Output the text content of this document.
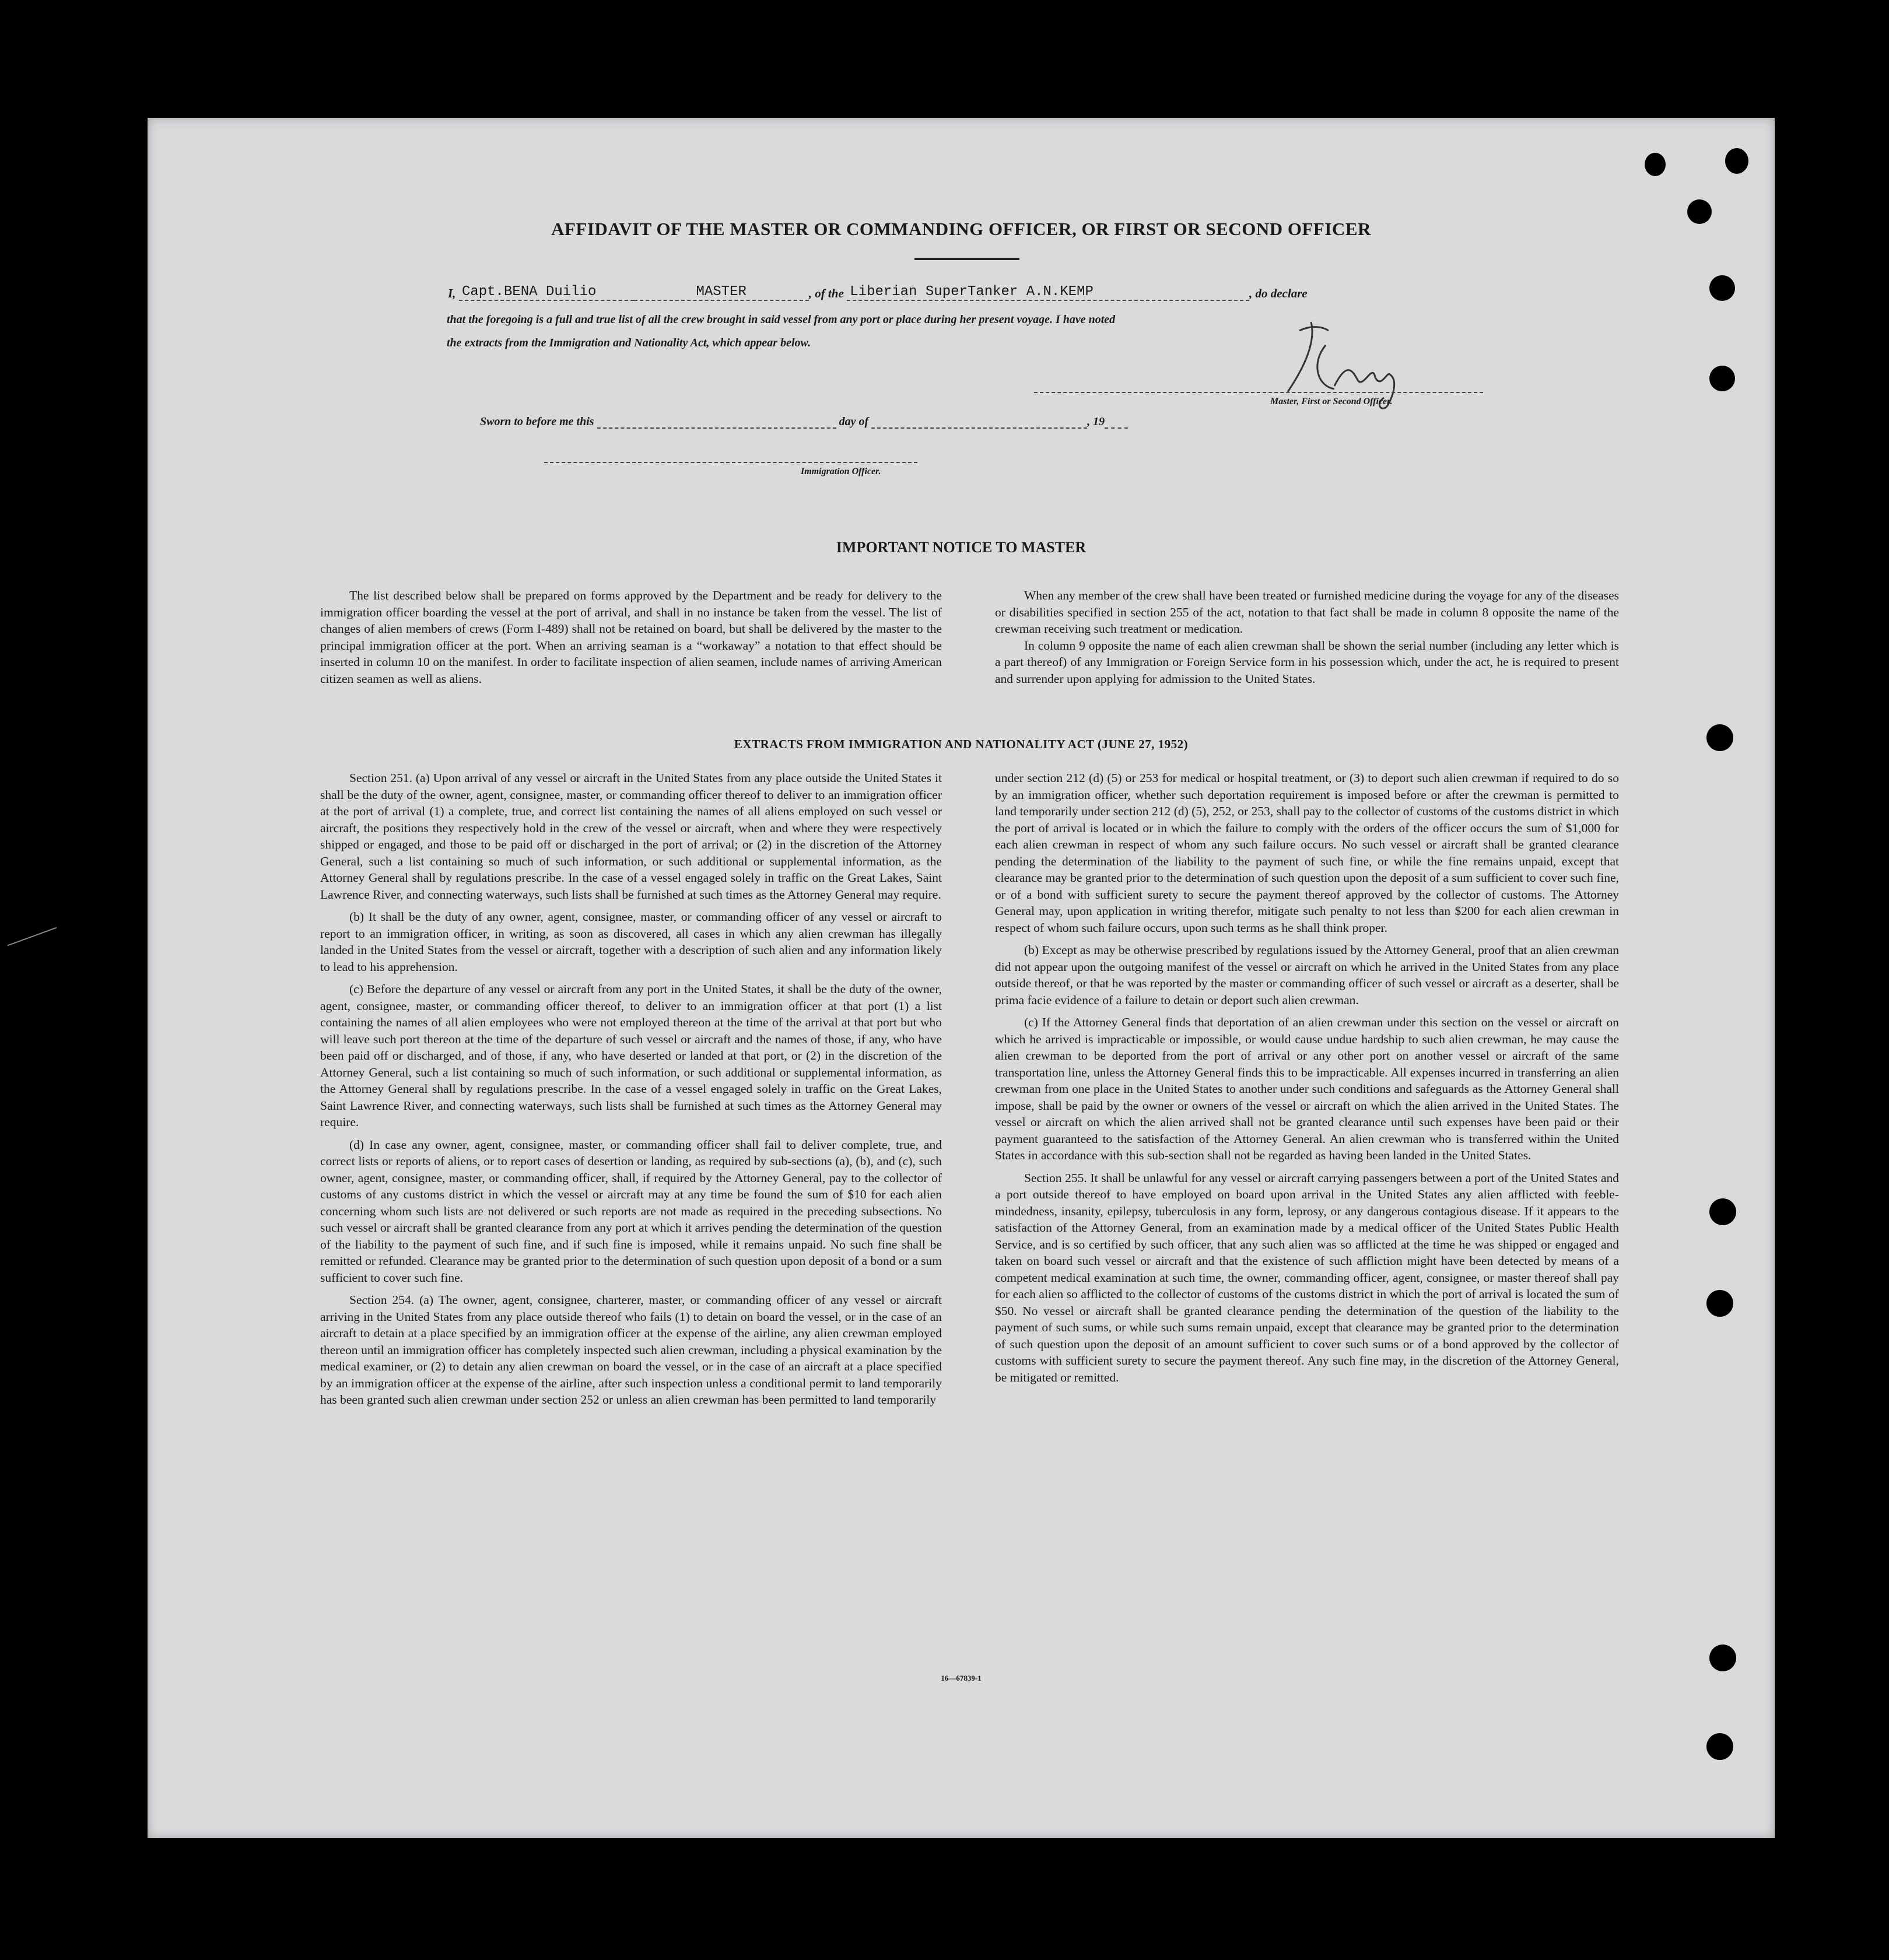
AFFIDAVIT OF THE MASTER OR COMMANDING OFFICER, OR FIRST OR SECOND OFFICER
I, Capt.BENA Duilio	MASTER	, of the Liberian SuperTanker A.N.KEMP	, do declare
that the foregoing is a full and true list of all the crew brought in said vessel from any port or place during her present voyage. I have noted
the extracts from the Immigration and Nationality Act, which appear below.
Master, First or Second Officer.
Sworn to before me this	day of	, 19
Immigration Officer.
IMPORTANT NOTICE TO MASTER

The list described below shall be prepared on forms approved by the Department and be ready for delivery to the immigration officer boarding the vessel at the port of arrival, and shall in no instance be taken from the vessel. The list of changes of alien members of crews (Form I-489) shall not be retained on board, but shall be delivered by the master to the principal immigration officer at the port. When an arriving seaman is a “workaway” a notation to that effect should be inserted in column 10 on the manifest. In order to facilitate inspection of alien seamen, include names of arriving American citizen seamen as well as aliens.

When any member of the crew shall have been treated or furnished medicine during the voyage for any of the diseases or disabilities specified in section 255 of the act, notation to that fact shall be made in column 8 opposite the name of the crewman receiving such treatment or medication.

In column 9 opposite the name of each alien crewman shall be shown the serial number (including any letter which is a part thereof) of any Immigration or Foreign Service form in his possession which, under the act, he is required to present and surrender upon applying for admission to the United States.

EXTRACTS FROM IMMIGRATION AND NATIONALITY ACT (JUNE 27, 1952)

Section 251. (a) Upon arrival of any vessel or aircraft in the United States from any place outside the United States it shall be the duty of the owner, agent, consignee, master, or commanding officer thereof to deliver to an immigration officer at the port of arrival (1) a complete, true, and correct list containing the names of all aliens employed on such vessel or aircraft, the positions they respectively hold in the crew of the vessel or aircraft, when and where they were respectively shipped or engaged, and those to be paid off or discharged in the port of arrival; or (2) in the discretion of the Attorney General, such a list containing so much of such information, or such additional or supplemental information, as the Attorney General shall by regulations prescribe. In the case of a vessel engaged solely in traffic on the Great Lakes, Saint Lawrence River, and connecting waterways, such lists shall be furnished at such times as the Attorney General may require.

(b) It shall be the duty of any owner, agent, consignee, master, or commanding officer of any vessel or aircraft to report to an immigration officer, in writing, as soon as discovered, all cases in which any alien crewman has illegally landed in the United States from the vessel or aircraft, together with a description of such alien and any information likely to lead to his apprehension.

(c) Before the departure of any vessel or aircraft from any port in the United States, it shall be the duty of the owner, agent, consignee, master, or commanding officer thereof, to deliver to an immigration officer at that port (1) a list containing the names of all alien employees who were not employed thereon at the time of the arrival at that port but who will leave such port thereon at the time of the departure of such vessel or aircraft and the names of those, if any, who have been paid off or discharged, and of those, if any, who have deserted or landed at that port, or (2) in the discretion of the Attorney General, such a list containing so much of such information, or such additional or supplemental information, as the Attorney General shall by regulations prescribe. In the case of a vessel engaged solely in traffic on the Great Lakes, Saint Lawrence River, and connecting waterways, such lists shall be furnished at such times as the Attorney General may require.

(d) In case any owner, agent, consignee, master, or commanding officer shall fail to deliver complete, true, and correct lists or reports of aliens, or to report cases of desertion or landing, as required by sub-sections (a), (b), and (c), such owner, agent, consignee, master, or commanding officer, shall, if required by the Attorney General, pay to the collector of customs of any customs district in which the vessel or aircraft may at any time be found the sum of $10 for each alien concerning whom such lists are not delivered or such reports are not made as required in the preceding subsections. No such vessel or aircraft shall be granted clearance from any port at which it arrives pending the determination of the question of the liability to the payment of such fine, and if such fine is imposed, while it remains unpaid. No such fine shall be remitted or refunded. Clearance may be granted prior to the determination of such question upon deposit of a bond or a sum sufficient to cover such fine.

Section 254. (a) The owner, agent, consignee, charterer, master, or commanding officer of any vessel or aircraft arriving in the United States from any place outside thereof who fails (1) to detain on board the vessel, or in the case of an aircraft to detain at a place specified by an immigration officer at the expense of the airline, any alien crewman employed thereon until an immigration officer has completely inspected such alien crewman, including a physical examination by the medical examiner, or (2) to detain any alien crewman on board the vessel, or in the case of an aircraft at a place specified by an immigration officer at the expense of the airline, after such inspection unless a conditional permit to land temporarily has been granted such alien crewman under section 252 or unless an alien crewman has been permitted to land temporarily

under section 212 (d) (5) or 253 for medical or hospital treatment, or (3) to deport such alien crewman if required to do so by an immigration officer, whether such deportation requirement is imposed before or after the crewman is permitted to land temporarily under section 212 (d) (5), 252, or 253, shall pay to the collector of customs of the customs district in which the port of arrival is located or in which the failure to comply with the orders of the officer occurs the sum of $1,000 for each alien crewman in respect of whom any such failure occurs. No such vessel or aircraft shall be granted clearance pending the determination of the liability to the payment of such fine, or while the fine remains unpaid, except that clearance may be granted prior to the determination of such question upon the deposit of a sum sufficient to cover such fine, or of a bond with sufficient surety to secure the payment thereof approved by the collector of customs. The Attorney General may, upon application in writing therefor, mitigate such penalty to not less than $200 for each alien crewman in respect of whom such failure occurs, upon such terms as he shall think proper.

(b) Except as may be otherwise prescribed by regulations issued by the Attorney General, proof that an alien crewman did not appear upon the outgoing manifest of the vessel or aircraft on which he arrived in the United States from any place outside thereof, or that he was reported by the master or commanding officer of such vessel or aircraft as a deserter, shall be prima facie evidence of a failure to detain or deport such alien crewman.

(c) If the Attorney General finds that deportation of an alien crewman under this section on the vessel or aircraft on which he arrived is impracticable or impossible, or would cause undue hardship to such alien crewman, he may cause the alien crewman to be deported from the port of arrival or any other port on another vessel or aircraft of the same transportation line, unless the Attorney General finds this to be impracticable. All expenses incurred in transferring an alien crewman from one place in the United States to another under such conditions and safeguards as the Attorney General shall impose, shall be paid by the owner or owners of the vessel or aircraft on which the alien arrived in the United States. The vessel or aircraft on which the alien arrived shall not be granted clearance until such expenses have been paid or their payment guaranteed to the satisfaction of the Attorney General. An alien crewman who is transferred within the United States in accordance with this sub-section shall not be regarded as having been landed in the United States.

Section 255. It shall be unlawful for any vessel or aircraft carrying passengers between a port of the United States and a port outside thereof to have employed on board upon arrival in the United States any alien afflicted with feeble-mindedness, insanity, epilepsy, tuberculosis in any form, leprosy, or any dangerous contagious disease. If it appears to the satisfaction of the Attorney General, from an examination made by a medical officer of the United States Public Health Service, and is so certified by such officer, that any such alien was so afflicted at the time he was shipped or engaged and taken on board such vessel or aircraft and that the existence of such affliction might have been detected by means of a competent medical examination at such time, the owner, commanding officer, agent, consignee, or master thereof shall pay for each alien so afflicted to the collector of customs of the customs district in which the port of arrival is located the sum of $50. No vessel or aircraft shall be granted clearance pending the determination of the question of the liability to the payment of such sums, or while such sums remain unpaid, except that clearance may be granted prior to the determination of such question upon the deposit of an amount sufficient to cover such sums or of a bond approved by the collector of customs with sufficient surety to secure the payment thereof. Any such fine may, in the discretion of the Attorney General, be mitigated or remitted.

16—67839-1
